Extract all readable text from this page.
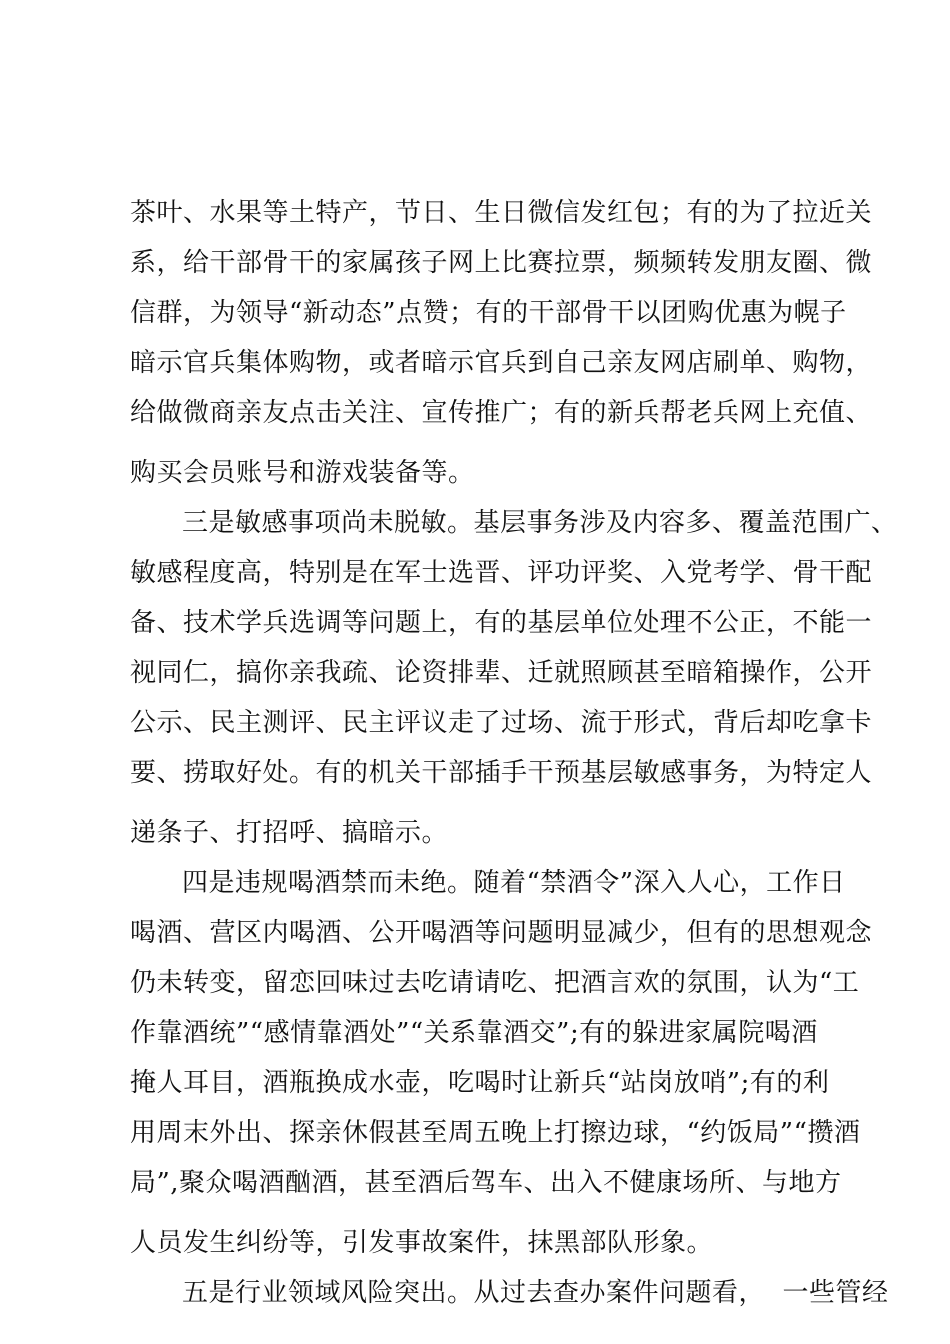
茶叶、水果等土特产，节日、生日微信发红包；有的为了拉近关
系，给干部骨干的家属孩子网上比赛拉票，频频转发朋友圈、微
信群，为领导“新动态”点赞；有的干部骨干以团购优惠为幌子
暗示官兵集体购物，或者暗示官兵到自己亲友网店刷单、购物，
给做微商亲友点击关注、宣传推广；有的新兵帮老兵网上充值、
购买会员账号和游戏装备等。
三是敏感事项尚未脱敏。基层事务涉及内容多、覆盖范围广、
敏感程度高，特别是在军士选晋、评功评奖、入党考学、骨干配
备、技术学兵选调等问题上，有的基层单位处理不公正，不能一
视同仁，搞你亲我疏、论资排辈、迁就照顾甚至暗箱操作，公开
公示、民主测评、民主评议走了过场、流于形式，背后却吃拿卡
要、捞取好处。有的机关干部插手干预基层敏感事务，为特定人
递条子、打招呼、搞暗示。
四是违规喝酒禁而未绝。随着“禁酒令”深入人心，工作日
喝酒、营区内喝酒、公开喝酒等问题明显减少，但有的思想观念
仍未转变，留恋回味过去吃请请吃、把酒言欢的氛围，认为“工
作靠酒统”“感情靠酒处”“关系靠酒交”;有的躲进家属院喝酒
掩人耳目，酒瓶换成水壶，吃喝时让新兵“站岗放哨”;有的利
用周末外出、探亲休假甚至周五晚上打擦边球，“约饭局”“攒酒
局”,聚众喝酒酗酒，甚至酒后驾车、出入不健康场所、与地方
人员发生纠纷等，引发事故案件，抹黑部队形象。
五是行业领域风险突出。从过去查办案件问题看，  一些管经
